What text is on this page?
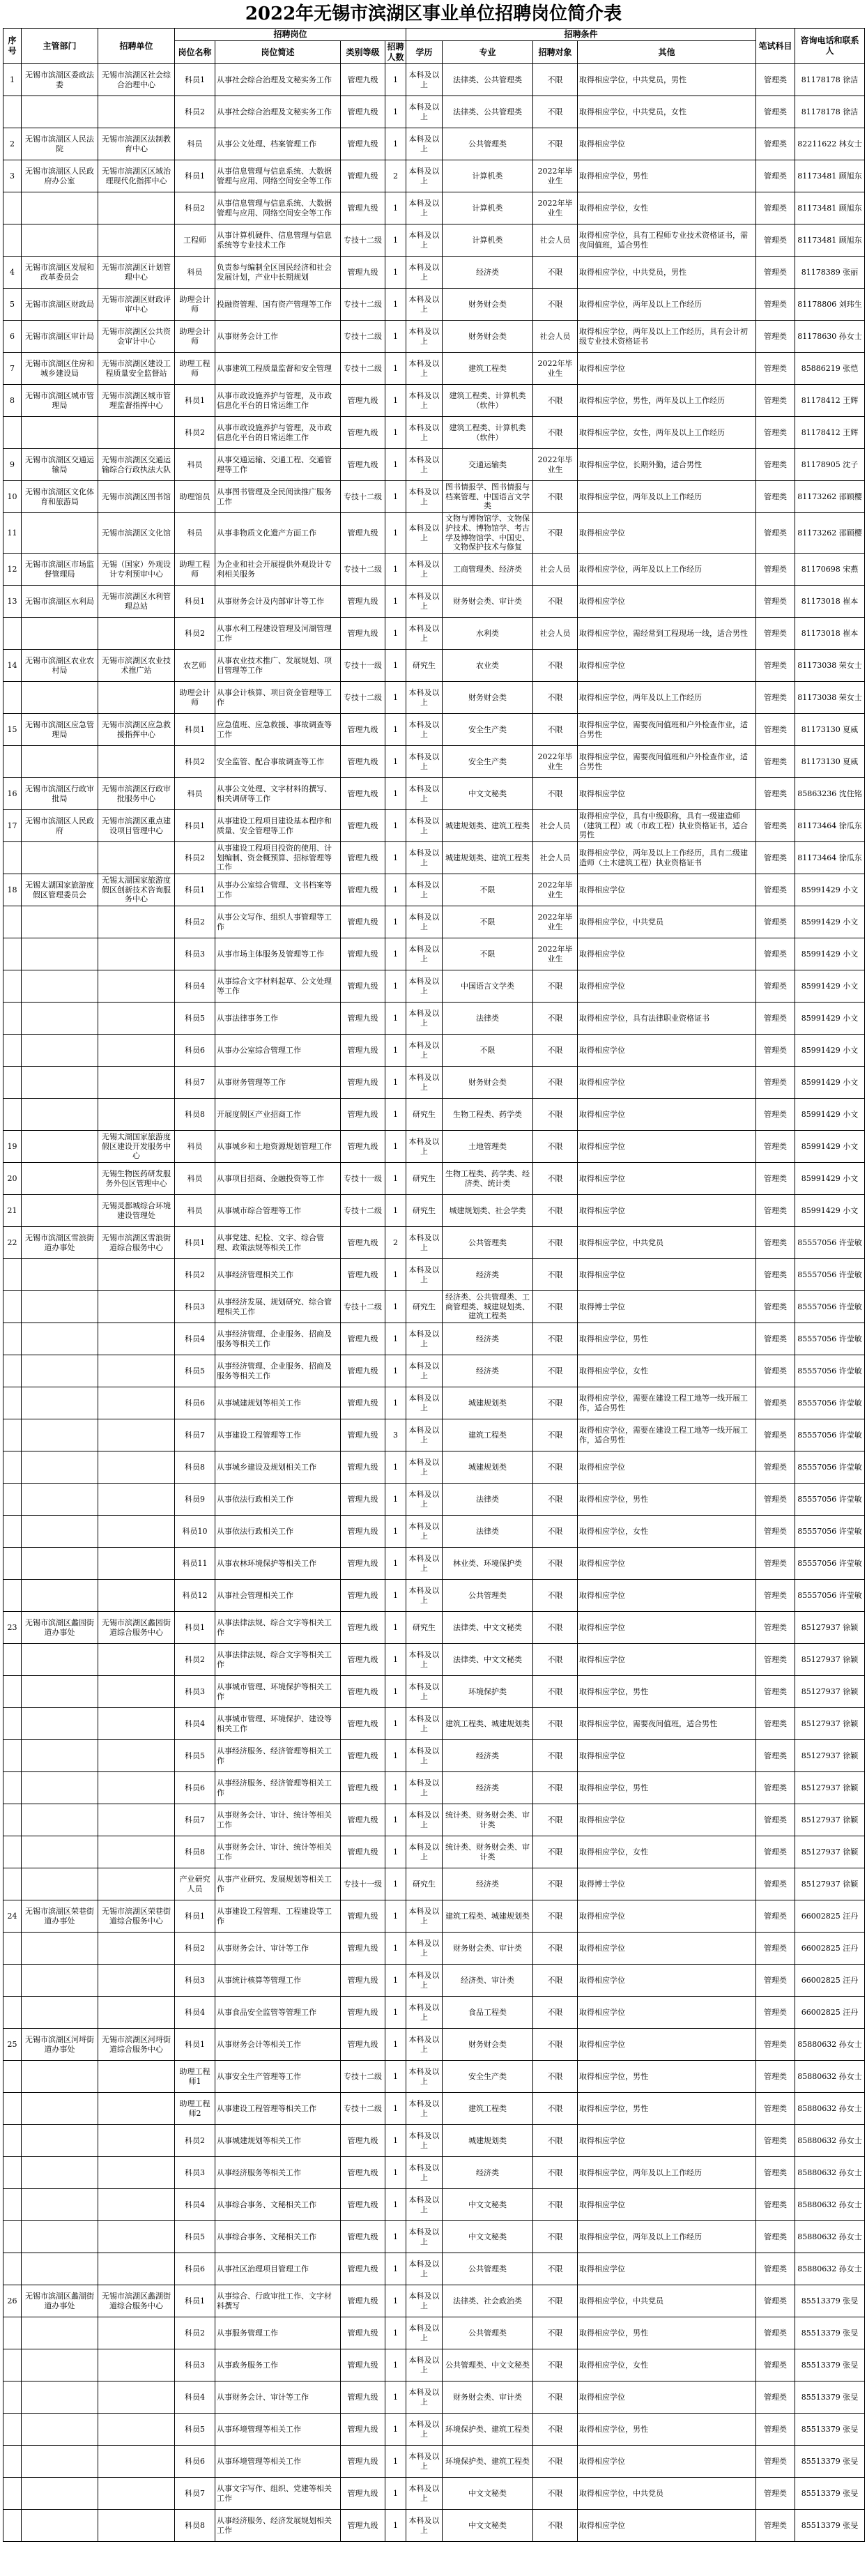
2022年无锡市滨湖区事业单位招聘岗位简介表
序号	主管部门	招聘单位	招聘岗位				招聘条件				笔试科目	咨询电话和联系人
			岗位名称	岗位简述	类别等级	招聘人数	学历	专业	招聘对象	其他		
1	无锡市滨湖区委政法委	无锡市滨湖区社会综合治理中心	科员1	从事社会综合治理及文秘实务工作	管理九级	1	本科及以上	法律类、公共管理类	不限	取得相应学位，中共党员，男性	管理类	81178178 徐洁
			科员2	从事社会综合治理及文秘实务工作	管理九级	1	本科及以上	法律类、公共管理类	不限	取得相应学位，中共党员，女性	管理类	81178178 徐洁
2	无锡市滨湖区人民法院	无锡市滨湖区法制教育中心	科员	从事公文处理、档案管理工作	管理九级	1	本科及以上	公共管理类	不限	取得相应学位	管理类	82211622 林女士
3	无锡市滨湖区人民政府办公室	无锡市滨湖区区域治理现代化指挥中心	科员1	从事信息管理与信息系统、大数据管理与应用、网络空间安全等工作	管理九级	2	本科及以上	计算机类	2022年毕业生	取得相应学位，男性	管理类	81173481 顾旭东
			科员2	从事信息管理与信息系统、大数据管理与应用、网络空间安全等工作	管理九级	1	本科及以上	计算机类	2022年毕业生	取得相应学位，女性	管理类	81173481 顾旭东
			工程师	从事计算机硬件、信息管理与信息系统等专业技术工作	专技十二级	1	本科及以上	计算机类	社会人员	取得相应学位，具有工程师专业技术资格证书，需夜间值班，适合男性	管理类	81173481 顾旭东
4	无锡市滨湖区发展和改革委员会	无锡市滨湖区计划管理中心	科员	负责参与编制全区国民经济和社会发展计划，产业中长期规划	管理九级	1	本科及以上	经济类	不限	取得相应学位，中共党员，男性	管理类	81178389 张丽
5	无锡市滨湖区财政局	无锡市滨湖区财政评审中心	助理会计师	投融资管理、国有资产管理等工作	专技十二级	1	本科及以上	财务财会类	不限	取得相应学位，两年及以上工作经历	管理类	81178806 刘玮生
6	无锡市滨湖区审计局	无锡市滨湖区公共资金审计中心	助理会计师	从事财务会计工作	专技十二级	1	本科及以上	财务财会类	社会人员	取得相应学位，两年及以上工作经历，具有会计初级专业技术资格证书	管理类	81178630 孙女士
7	无锡市滨湖区住房和城乡建设局	无锡市滨湖区建设工程质量安全监督站	助理工程师	从事建筑工程质量监督和安全管理	专技十二级	1	本科及以上	建筑工程类	2022年毕业生	取得相应学位	管理类	85886219 张恺
8	无锡市滨湖区城市管理局	无锡市滨湖区城市管理监督指挥中心	科员1	从事市政设施养护与管理，及市政信息化平台的日常运维工作	管理九级	1	本科及以上	建筑工程类、计算机类（软件）	不限	取得相应学位，男性，两年及以上工作经历	管理类	81178412 王辉
			科员2	从事市政设施养护与管理，及市政信息化平台的日常运维工作	管理九级	1	本科及以上	建筑工程类、计算机类（软件）	不限	取得相应学位，女性，两年及以上工作经历	管理类	81178412 王辉
9	无锡市滨湖区交通运输局	无锡市滨湖区交通运输综合行政执法大队	科员	从事交通运输、交通工程、交通管理等工作	管理九级	1	本科及以上	交通运输类	2022年毕业生	取得相应学位，长期外勤，适合男性	管理类	81178905 沈子
10	无锡市滨湖区文化体育和旅游局	无锡市滨湖区图书馆	助理馆员	从事图书管理及全民阅读推广服务工作	专技十二级	1	本科及以上	图书情报学、图书情报与档案管理、中国语言文学类	不限	取得相应学位，两年及以上工作经历	管理类	81173262 邵顾樱
11		无锡市滨湖区文化馆	科员	从事非物质文化遗产方面工作	管理九级	1	本科及以上	文物与博物馆学、文物保护技术、博物馆学、考古学及博物馆学、中国史、文物保护技术与修复	不限	取得相应学位	管理类	81173262 邵顾樱
12	无锡市滨湖区市场监督管理局	无锡（国家）外观设计专利预审中心	助理工程师	为企业和社会开展提供外观设计专利相关服务	专技十二级	1	本科及以上	工商管理类、经济类	社会人员	取得相应学位，两年及以上工作经历	管理类	81170698 宋燕
13	无锡市滨湖区水利局	无锡市滨湖区水利管理总站	科员1	从事财务会计及内部审计等工作	管理九级	1	本科及以上	财务财会类、审计类	不限	取得相应学位	管理类	81173018 崔本
			科员2	从事水利工程建设管理及河湖管理工作	管理九级	1	本科及以上	水利类	社会人员	取得相应学位，需经常到工程现场一线，适合男性	管理类	81173018 崔本
14	无锡市滨湖区农业农村局	无锡市滨湖区农业技术推广站	农艺师	从事农业技术推广、发展规划、项目管理等工作	专技十一级	1	研究生	农业类	不限	取得相应学位	管理类	81173038 荣女士
			助理会计师	从事会计核算、项目资金管理等工作	专技十二级	1	本科及以上	财务财会类	不限	取得相应学位，两年及以上工作经历	管理类	81173038 荣女士
15	无锡市滨湖区应急管理局	无锡市滨湖区应急救援指挥中心	科员1	应急值班、应急救援、事故调查等工作	管理九级	1	本科及以上	安全生产类	不限	取得相应学位，需要夜间值班和户外检查作业，适合男性	管理类	81173130 夏威
			科员2	安全监管、配合事故调查等工作	管理九级	1	本科及以上	安全生产类	2022年毕业生	取得相应学位，需要夜间值班和户外检查作业，适合男性	管理类	81173130 夏威
16	无锡市滨湖区行政审批局	无锡市滨湖区行政审批服务中心	科员	从事公文处理、文字材料的撰写、相关调研等工作	管理九级	1	本科及以上	中文文秘类	不限	取得相应学位	管理类	85863236 沈住铭
17	无锡市滨湖区人民政府	无锡市滨湖区重点建设项目管理中心	科员1	从事建设工程项目建设基本程序和质量、安全管理等工作	管理九级	1	本科及以上	城建规划类、建筑工程类	社会人员	取得相应学位，具有中级职称，具有一级建造师（建筑工程）或（市政工程）执业资格证书，适合男性	管理类	81173464 徐瓜东
			科员2	从事建设工程项目投资的使用、计划编制、资金概预算、招标管理等工作	管理九级	1	本科及以上	城建规划类、建筑工程类	社会人员	取得相应学位，两年及以上工作经历，具有二级建造师（土木建筑工程）执业资格证书	管理类	81173464 徐瓜东
18	无锡太湖国家旅游度假区管理委员会	无锡太湖国家旅游度假区创新技术咨询服务中心	科员1	从事办公室综合管理、文书档案等工作	管理九级	1	本科及以上	不限	2022年毕业生	取得相应学位	管理类	85991429 小文
			科员2	从事公文写作、组织人事管理等工作	管理九级	1	本科及以上	不限	2022年毕业生	取得相应学位，中共党员	管理类	85991429 小文
			科员3	从事市场主体服务及管理等工作	管理九级	1	本科及以上	不限	2022年毕业生	取得相应学位	管理类	85991429 小文
			科员4	从事综合文字材料起草、公文处理等工作	管理九级	1	本科及以上	中国语言文学类	不限	取得相应学位	管理类	85991429 小文
			科员5	从事法律事务工作	管理九级	1	本科及以上	法律类	不限	取得相应学位，具有法律职业资格证书	管理类	85991429 小文
			科员6	从事办公室综合管理工作	管理九级	1	本科及以上	不限	不限	取得相应学位	管理类	85991429 小文
			科员7	从事财务管理等工作	管理九级	1	本科及以上	财务财会类	不限	取得相应学位	管理类	85991429 小文
			科员8	开展度假区产业招商工作	管理九级	1	研究生	生物工程类、药学类	不限	取得相应学位	管理类	85991429 小文
19		无锡太湖国家旅游度假区建设开发服务中心	科员	从事城乡和土地资源规划管理工作	管理九级	1	本科及以上	土地管理类	不限	取得相应学位	管理类	85991429 小文
20		无锡生物医药研发服务外包区管理中心	科员	从事项目招商、金融投资等工作	专技十一级	1	研究生	生物工程类、药学类、经济类、统计类	不限	取得相应学位	管理类	85991429 小文
21		无锡灵都城综合环境建设管理处	科员	从事城市综合管理等工作	专技十二级	1	研究生	城建规划类、社会学类	不限	取得相应学位	管理类	85991429 小文
22	无锡市滨湖区雪浪街道办事处	无锡市滨湖区雪浪街道综合服务中心	科员1	从事党建、纪检、文字、综合管理、政策法规等相关工作	管理九级	2	本科及以上	公共管理类	不限	取得相应学位，中共党员	管理类	85557056 许莹敏
			科员2	从事经济管理相关工作	管理九级	1	本科及以上	经济类	不限	取得相应学位	管理类	85557056 许莹敏
			科员3	从事经济发展、规划研究、综合管理相关工作	专技十二级	1	研究生	经济类、公共管理类、工商管理类、城建规划类、建筑工程类	不限	取得博士学位	管理类	85557056 许莹敏
			科员4	从事经济管理、企业服务、招商及服务等相关工作	管理九级	1	本科及以上	经济类	不限	取得相应学位，男性	管理类	85557056 许莹敏
			科员5	从事经济管理、企业服务、招商及服务等相关工作	管理九级	1	本科及以上	经济类	不限	取得相应学位，女性	管理类	85557056 许莹敏
			科员6	从事城建规划等相关工作	管理九级	1	本科及以上	城建规划类	不限	取得相应学位，需要在建设工程工地等一线开展工作，适合男性	管理类	85557056 许莹敏
			科员7	从事建设工程管理等工作	管理九级	3	本科及以上	建筑工程类	不限	取得相应学位，需要在建设工程工地等一线开展工作，适合男性	管理类	85557056 许莹敏
			科员8	从事城乡建设及规划相关工作	管理九级	1	本科及以上	城建规划类	不限	取得相应学位	管理类	85557056 许莹敏
			科员9	从事依法行政相关工作	管理九级	1	本科及以上	法律类	不限	取得相应学位，男性	管理类	85557056 许莹敏
			科员10	从事依法行政相关工作	管理九级	1	本科及以上	法律类	不限	取得相应学位，女性	管理类	85557056 许莹敏
			科员11	从事农林环境保护等相关工作	管理九级	1	本科及以上	林业类、环境保护类	不限	取得相应学位	管理类	85557056 许莹敏
			科员12	从事社会管理相关工作	管理九级	1	本科及以上	公共管理类	不限	取得相应学位	管理类	85557056 许莹敏
23	无锡市滨湖区蠡园街道办事处	无锡市滨湖区蠡园街道综合服务中心	科员1	从事法律法规、综合文字等相关工作	管理九级	1	研究生	法律类、中文文秘类	不限	取得相应学位	管理类	85127937 徐颖
			科员2	从事法律法规、综合文字等相关工作	管理九级	1	本科及以上	法律类、中文文秘类	不限	取得相应学位	管理类	85127937 徐颖
			科员3	从事城市管理、环境保护等相关工作	管理九级	1	本科及以上	环境保护类	不限	取得相应学位，男性	管理类	85127937 徐颖
			科员4	从事城市管理、环境保护、建设等相关工作	管理九级	1	本科及以上	建筑工程类、城建规划类	不限	取得相应学位，需要夜间值班，适合男性	管理类	85127937 徐颖
			科员5	从事经济服务、经济管理等相关工作	管理九级	1	本科及以上	经济类	不限	取得相应学位	管理类	85127937 徐颖
			科员6	从事经济服务、经济管理等相关工作	管理九级	1	本科及以上	经济类	不限	取得相应学位，男性	管理类	85127937 徐颖
			科员7	从事财务会计、审计、统计等相关工作	管理九级	1	本科及以上	统计类、财务财会类、审计类	不限	取得相应学位	管理类	85127937 徐颖
			科员8	从事财务会计、审计、统计等相关工作	管理九级	1	本科及以上	统计类、财务财会类、审计类	不限	取得相应学位，女性	管理类	85127937 徐颖
			产业研究人员	从事产业研究、发展规划等相关工作	专技十一级	1	研究生	经济类	不限	取得博士学位	管理类	85127937 徐颖
24	无锡市滨湖区荣巷街道办事处	无锡市滨湖区荣巷街道综合服务中心	科员1	从事建设工程管理、工程建设等工作	管理九级	1	本科及以上	建筑工程类、城建规划类	不限	取得相应学位	管理类	66002825 汪丹
			科员2	从事财务会计、审计等工作	管理九级	1	本科及以上	财务财会类、审计类	不限	取得相应学位	管理类	66002825 汪丹
			科员3	从事统计核算等管理工作	管理九级	1	本科及以上	经济类、审计类	不限	取得相应学位	管理类	66002825 汪丹
			科员4	从事食品安全监管等管理工作	管理九级	1	本科及以上	食品工程类	不限	取得相应学位	管理类	66002825 汪丹
25	无锡市滨湖区河埒街道办事处	无锡市滨湖区河埒街道综合服务中心	科员1	从事财务会计等相关工作	管理九级	1	本科及以上	财务财会类	不限	取得相应学位	管理类	85880632 孙女士
			助理工程师1	从事安全生产管理等工作	专技十二级	1	本科及以上	安全生产类	不限	取得相应学位，男性	管理类	85880632 孙女士
			助理工程师2	从事建设工程管理等相关工作	专技十二级	1	本科及以上	建筑工程类	不限	取得相应学位，男性	管理类	85880632 孙女士
			科员2	从事城建规划等相关工作	管理九级	1	本科及以上	城建规划类	不限	取得相应学位	管理类	85880632 孙女士
			科员3	从事经济服务等相关工作	管理九级	1	本科及以上	经济类	不限	取得相应学位，两年及以上工作经历	管理类	85880632 孙女士
			科员4	从事综合事务、文秘相关工作	管理九级	1	本科及以上	中文文秘类	不限	取得相应学位	管理类	85880632 孙女士
			科员5	从事综合事务、文秘相关工作	管理九级	1	本科及以上	中文文秘类	不限	取得相应学位，两年及以上工作经历	管理类	85880632 孙女士
			科员6	从事社区治理项目管理工作	管理九级	1	本科及以上	公共管理类	不限	取得相应学位	管理类	85880632 孙女士
26	无锡市滨湖区蠡湖街道办事处	无锡市滨湖区蠡湖街道综合服务中心	科员1	从事综合、行政审批工作、文字材料撰写	管理九级	1	本科及以上	法律类、社会政治类	不限	取得相应学位，中共党员	管理类	85513379 张旻
			科员2	从事服务管理工作	管理九级	1	本科及以上	公共管理类	不限	取得相应学位，男性	管理类	85513379 张旻
			科员3	从事政务服务工作	管理九级	1	本科及以上	公共管理类、中文文秘类	不限	取得相应学位，女性	管理类	85513379 张旻
			科员4	从事财务会计、审计等工作	管理九级	1	本科及以上	财务财会类、审计类	不限	取得相应学位	管理类	85513379 张旻
			科员5	从事环境管理等相关工作	管理九级	1	本科及以上	环境保护类、建筑工程类	不限	取得相应学位，男性	管理类	85513379 张旻
			科员6	从事环境管理等相关工作	管理九级	1	本科及以上	环境保护类、建筑工程类	不限	取得相应学位	管理类	85513379 张旻
			科员7	从事文字写作、组织、党建等相关工作	管理九级	1	本科及以上	中文文秘类	不限	取得相应学位，中共党员	管理类	85513379 张旻
			科员8	从事经济服务、经济发展规划相关工作	管理九级	1	本科及以上	中文文秘类	不限	取得相应学位	管理类	85513379 张旻
